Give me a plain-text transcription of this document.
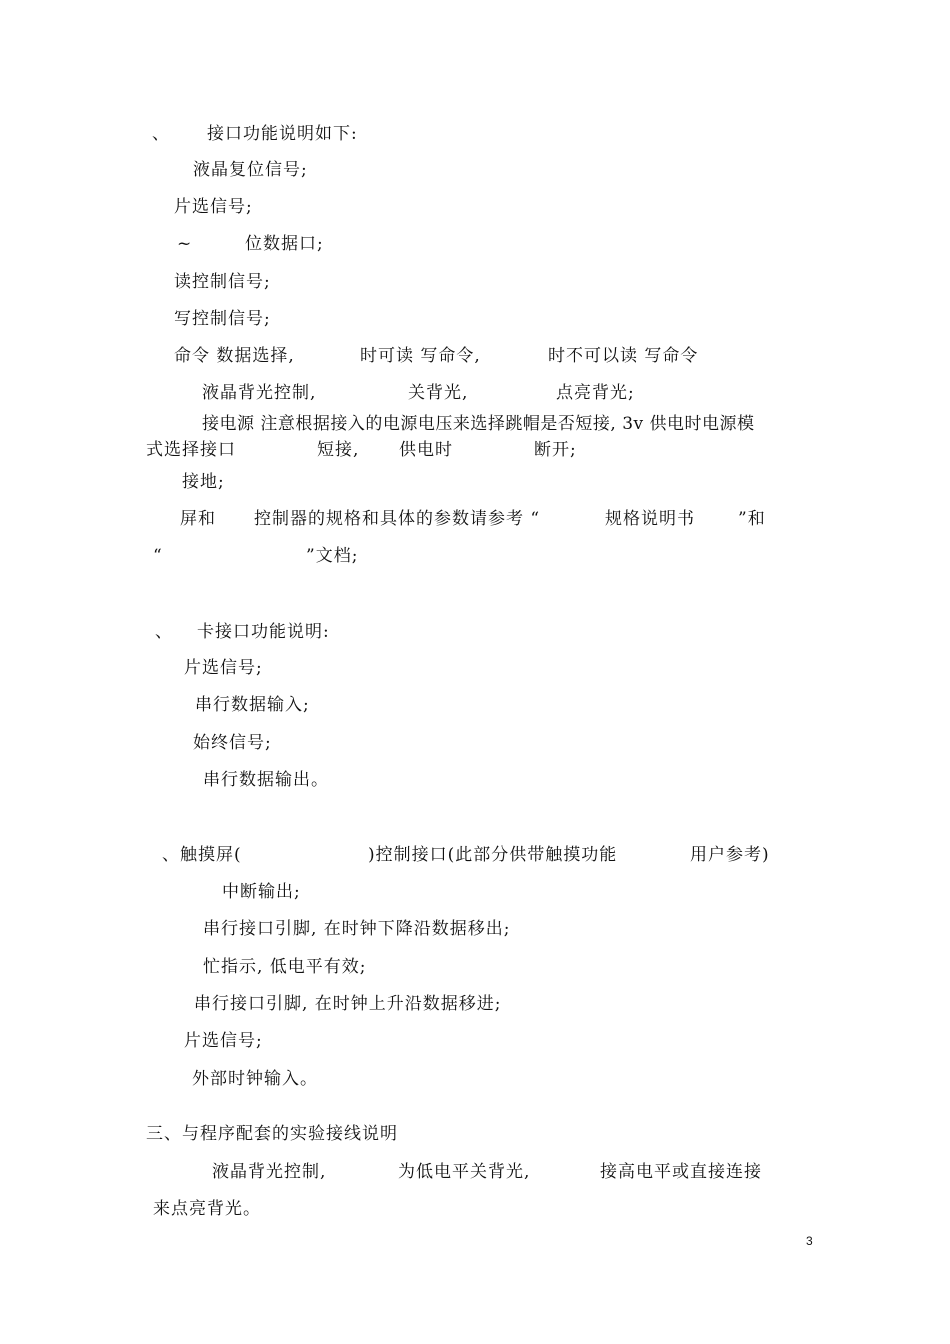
、 接口功能说明如下:
液晶复位信号;
片选信号;
~	位数据口;
读控制信号;
写控制信号;
命令 数据选择,	时可读 写命令,	时不可以读 写命令
液晶背光控制,	关背光,	点亮背光;
接电源 注意根据接入的电源电压来选择跳帽是否短接, 3v 供电时电源模
式选择接口	短接, 供电时	断开;
接地;
屏和 控制器的规格和具体的参数请参考 “	规格说明书	”和
“	”文档;
、 卡接口功能说明:
片选信号;
串行数据输入;
始终信号;
串行数据输出。
、触摸屏(	)控制接口(此部分供带触摸功能	用户参考)
中断输出;
串行接口引脚, 在时钟下降沿数据移出;
忙指示, 低电平有效;
串行接口引脚, 在时钟上升沿数据移进;
片选信号;
外部时钟输入。
三、与程序配套的实验接线说明
液晶背光控制,	为低电平关背光,	接高电平或直接连接
来点亮背光。
3
